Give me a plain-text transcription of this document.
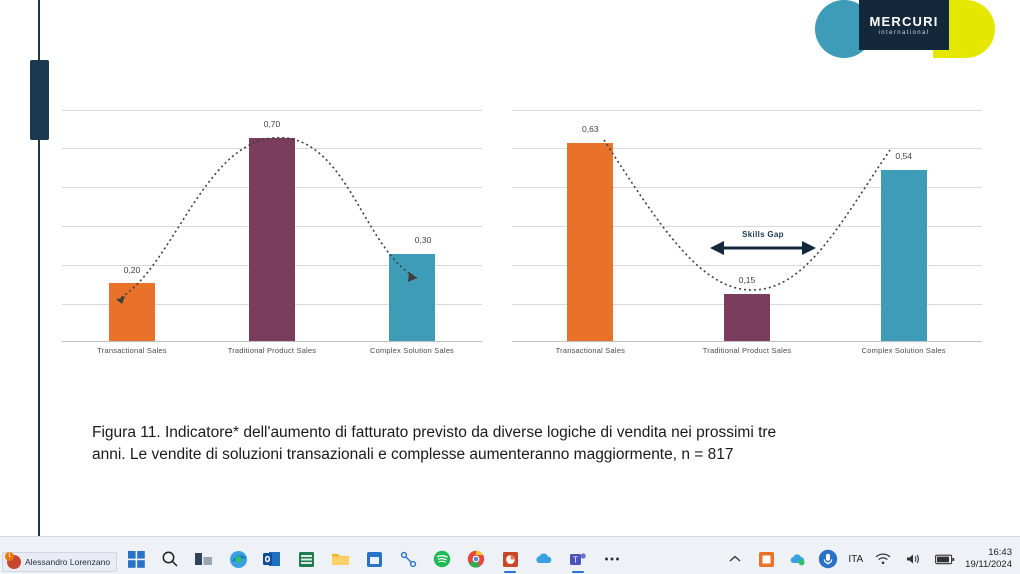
MERCURI
international
0,20
0,70
0,30
Transactional Sales	Traditional Product Sales	Complex Solution Sales
0,63
0,15
0,54
Skills Gap
Transactional Sales	Traditional Product Sales	Complex Solution Sales
Figura 11. Indicatore* dell'aumento di fatturato previsto da diverse logiche di vendita nei prossimi tre anni. Le vendite di soluzioni transazionali e complesse aumenteranno maggiormente, n = 817
1
Alessandro Lorenzano	T	ITA
16:43
19/11/2024
